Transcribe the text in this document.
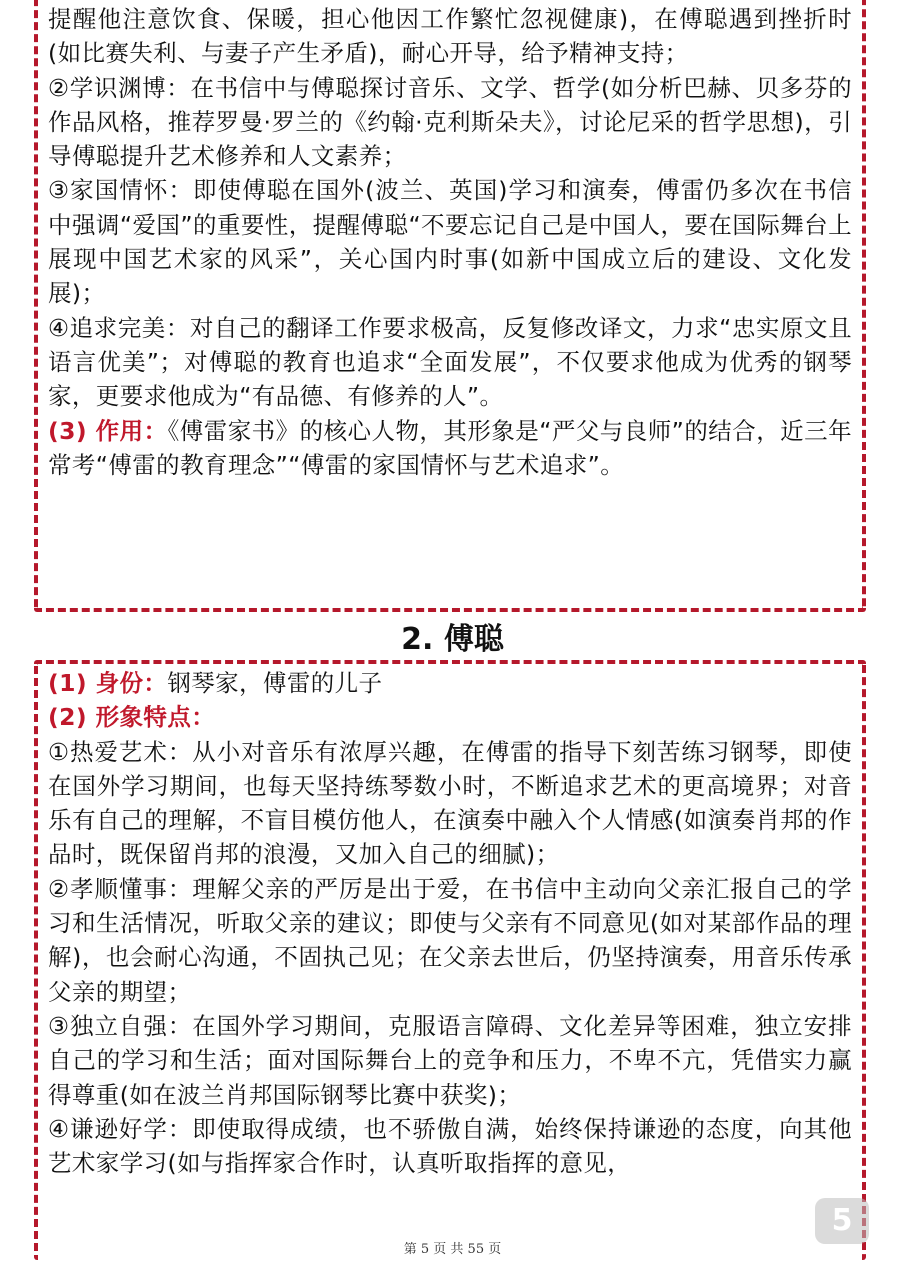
提醒他注意饮食、保暖，担心他因工作繁忙忽视健康)，在傅聪遇到挫折时(如比赛失利、与妻子产生矛盾)，耐心开导，给予精神支持；

②学识渊博：在书信中与傅聪探讨音乐、文学、哲学(如分析巴赫、贝多芬的作品风格，推荐罗曼·罗兰的《约翰·克利斯朵夫》，讨论尼采的哲学思想)，引导傅聪提升艺术修养和人文素养；

③家国情怀：即使傅聪在国外(波兰、英国)学习和演奏，傅雷仍多次在书信中强调“爱国”的重要性，提醒傅聪“不要忘记自己是中国人，要在国际舞台上展现中国艺术家的风采”，关心国内时事(如新中国成立后的建设、文化发展)；

④追求完美：对自己的翻译工作要求极高，反复修改译文，力求“忠实原文且语言优美”；对傅聪的教育也追求“全面发展”，不仅要求他成为优秀的钢琴家，更要求他成为“有品德、有修养的人”。

(3) 作用：《傅雷家书》的核心人物，其形象是“严父与良师”的结合，近三年常考“傅雷的教育理念”“傅雷的家国情怀与艺术追求”。

2. 傅聪

(1) 身份：钢琴家，傅雷的儿子

(2) 形象特点：

①热爱艺术：从小对音乐有浓厚兴趣，在傅雷的指导下刻苦练习钢琴，即使在国外学习期间，也每天坚持练琴数小时，不断追求艺术的更高境界；对音乐有自己的理解，不盲目模仿他人，在演奏中融入个人情感(如演奏肖邦的作品时，既保留肖邦的浪漫，又加入自己的细腻)；

②孝顺懂事：理解父亲的严厉是出于爱，在书信中主动向父亲汇报自己的学习和生活情况，听取父亲的建议；即使与父亲有不同意见(如对某部作品的理解)，也会耐心沟通，不固执己见；在父亲去世后，仍坚持演奏，用音乐传承父亲的期望；

③独立自强：在国外学习期间，克服语言障碍、文化差异等困难，独立安排自己的学习和生活；面对国际舞台上的竞争和压力，不卑不亢，凭借实力赢得尊重(如在波兰肖邦国际钢琴比赛中获奖)；

④谦逊好学：即使取得成绩，也不骄傲自满，始终保持谦逊的态度，向其他艺术家学习(如与指挥家合作时，认真听取指挥的意见，

5
第 5 页 共 55 页
